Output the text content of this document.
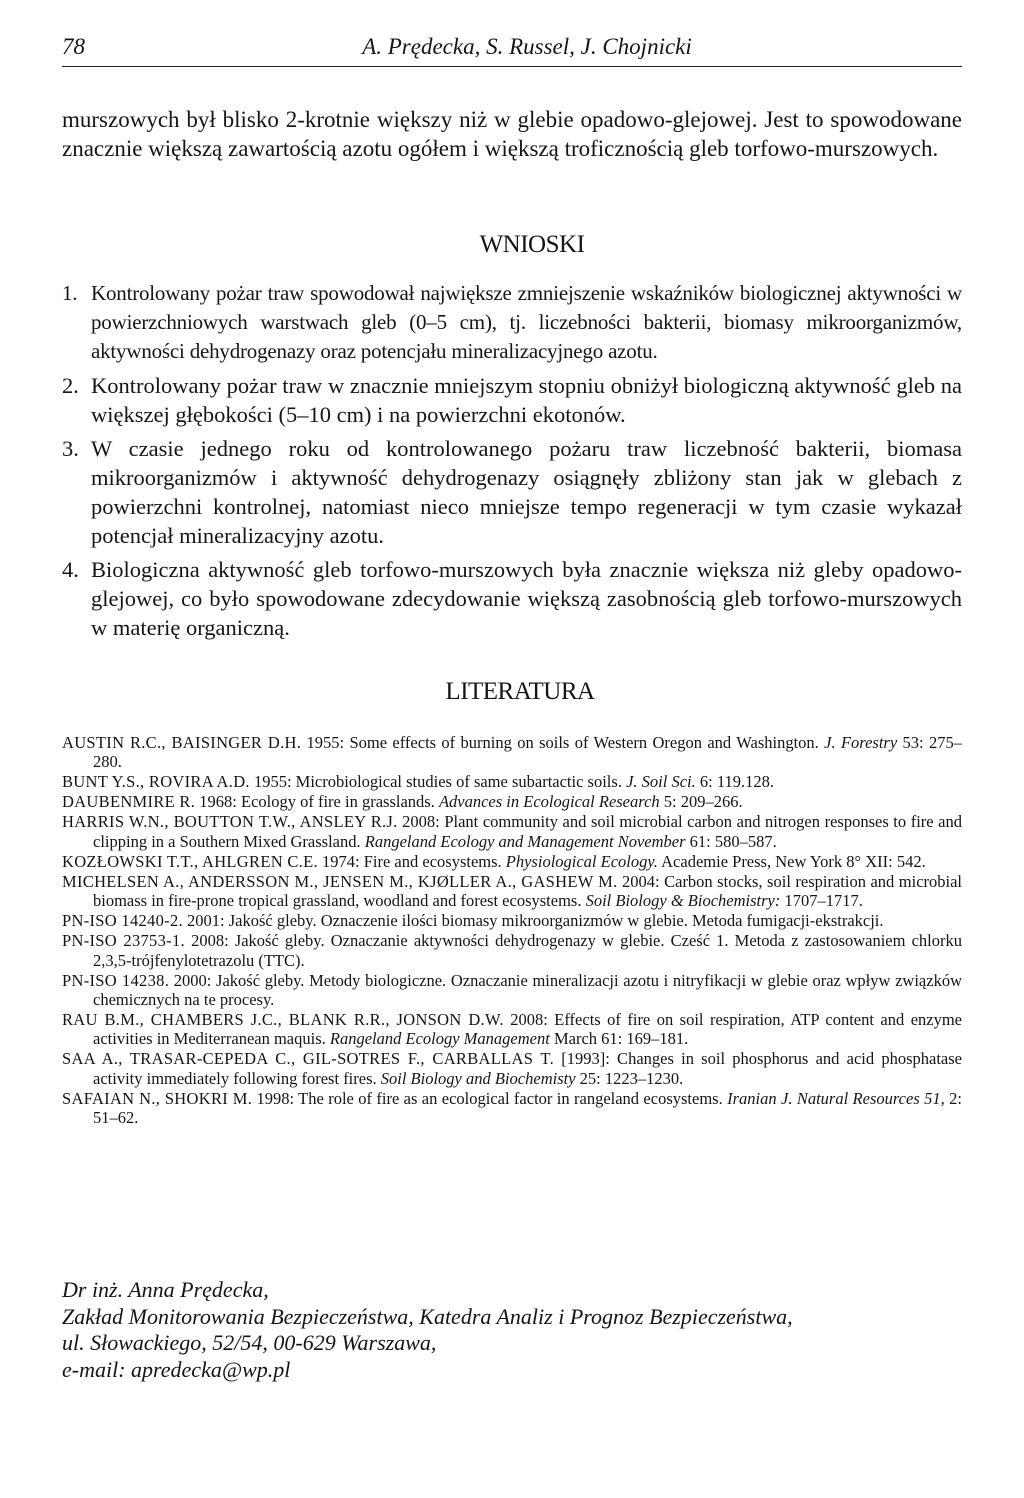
78	A. Prędecka, S. Russel, J. Chojnicki
murszowych był blisko 2-krotnie większy niż w glebie opadowo-glejowej. Jest to spowodowane znacznie większą zawartością azotu ogółem i większą troficznością gleb torfowo-murszowych.
WNIOSKI
1. Kontrolowany pożar traw spowodował największe zmniejszenie wskaźników biologicznej aktywności w powierzchniowych warstwach gleb (0–5 cm), tj. liczebności bakterii, biomasy mikroorganizmów, aktywności dehydrogenazy oraz potencjału mineralizacyjnego azotu.
2. Kontrolowany pożar traw w znacznie mniejszym stopniu obniżył biologiczną aktywność gleb na większej głębokości (5–10 cm) i na powierzchni ekotonów.
3. W czasie jednego roku od kontrolowanego pożaru traw liczebność bakterii, biomasa mikroorganizmów i aktywność dehydrogenazy osiągnęły zbliżony stan jak w glebach z powierzchni kontrolnej, natomiast nieco mniejsze tempo regeneracji w tym czasie wykazał potencjał mineralizacyjny azotu.
4. Biologiczna aktywność gleb torfowo-murszowych była znacznie większa niż gleby opadowo-glejowej, co było spowodowane zdecydowanie większą zasobnością gleb torfowo-murszowych w materię organiczną.
LITERATURA
AUSTIN R.C., BAISINGER D.H. 1955: Some effects of burning on soils of Western Oregon and Washington. J. Forestry 53: 275–280.
BUNT Y.S., ROVIRA A.D. 1955: Microbiological studies of same subartactic soils. J. Soil Sci. 6: 119.128.
DAUBENMIRE R. 1968: Ecology of fire in grasslands. Advances in Ecological Research 5: 209–266.
HARRIS W.N., BOUTTON T.W., ANSLEY R.J. 2008: Plant community and soil microbial carbon and nitrogen responses to fire and clipping in a Southern Mixed Grassland. Rangeland Ecology and Management November 61: 580–587.
KOZŁOWSKI T.T., AHLGREN C.E. 1974: Fire and ecosystems. Physiological Ecology. Academie Press, New York 8° XII: 542.
MICHELSEN A., ANDERSSON M., JENSEN M., KJØLLER A., GASHEW M. 2004: Carbon stocks, soil respiration and microbial biomass in fire-prone tropical grassland, woodland and forest ecosystems. Soil Biology & Biochemistry: 1707–1717.
PN-ISO 14240-2. 2001: Jakość gleby. Oznaczenie ilości biomasy mikroorganizmów w glebie. Metoda fumigacji-ekstrakcji.
PN-ISO 23753-1. 2008: Jakość gleby. Oznaczanie aktywności dehydrogenazy w glebie. Cześć 1. Metoda z zastosowaniem chlorku 2,3,5-trójfenylotetrazolu (TTC).
PN-ISO 14238. 2000: Jakość gleby. Metody biologiczne. Oznaczanie mineralizacji azotu i nitryfikacji w glebie oraz wpływ związków chemicznych na te procesy.
RAU B.M., CHAMBERS J.C., BLANK R.R., JONSON D.W. 2008: Effects of fire on soil respiration, ATP content and enzyme activities in Mediterranean maquis. Rangeland Ecology Management March 61: 169–181.
SAA A., TRASAR-CEPEDA C., GIL-SOTRES F., CARBALLAS T. [1993]: Changes in soil phosphorus and acid phosphatase activity immediately following forest fires. Soil Biology and Biochemisty 25: 1223–1230.
SAFAIAN N., SHOKRI M. 1998: The role of fire as an ecological factor in rangeland ecosystems. Iranian J. Natural Resources 51, 2: 51–62.
Dr inż. Anna Prędecka,
Zakład Monitorowania Bezpieczeństwa, Katedra Analiz i Prognoz Bezpieczeństwa,
ul. Słowackiego, 52/54, 00-629 Warszawa,
e-mail: apredecka@wp.pl
